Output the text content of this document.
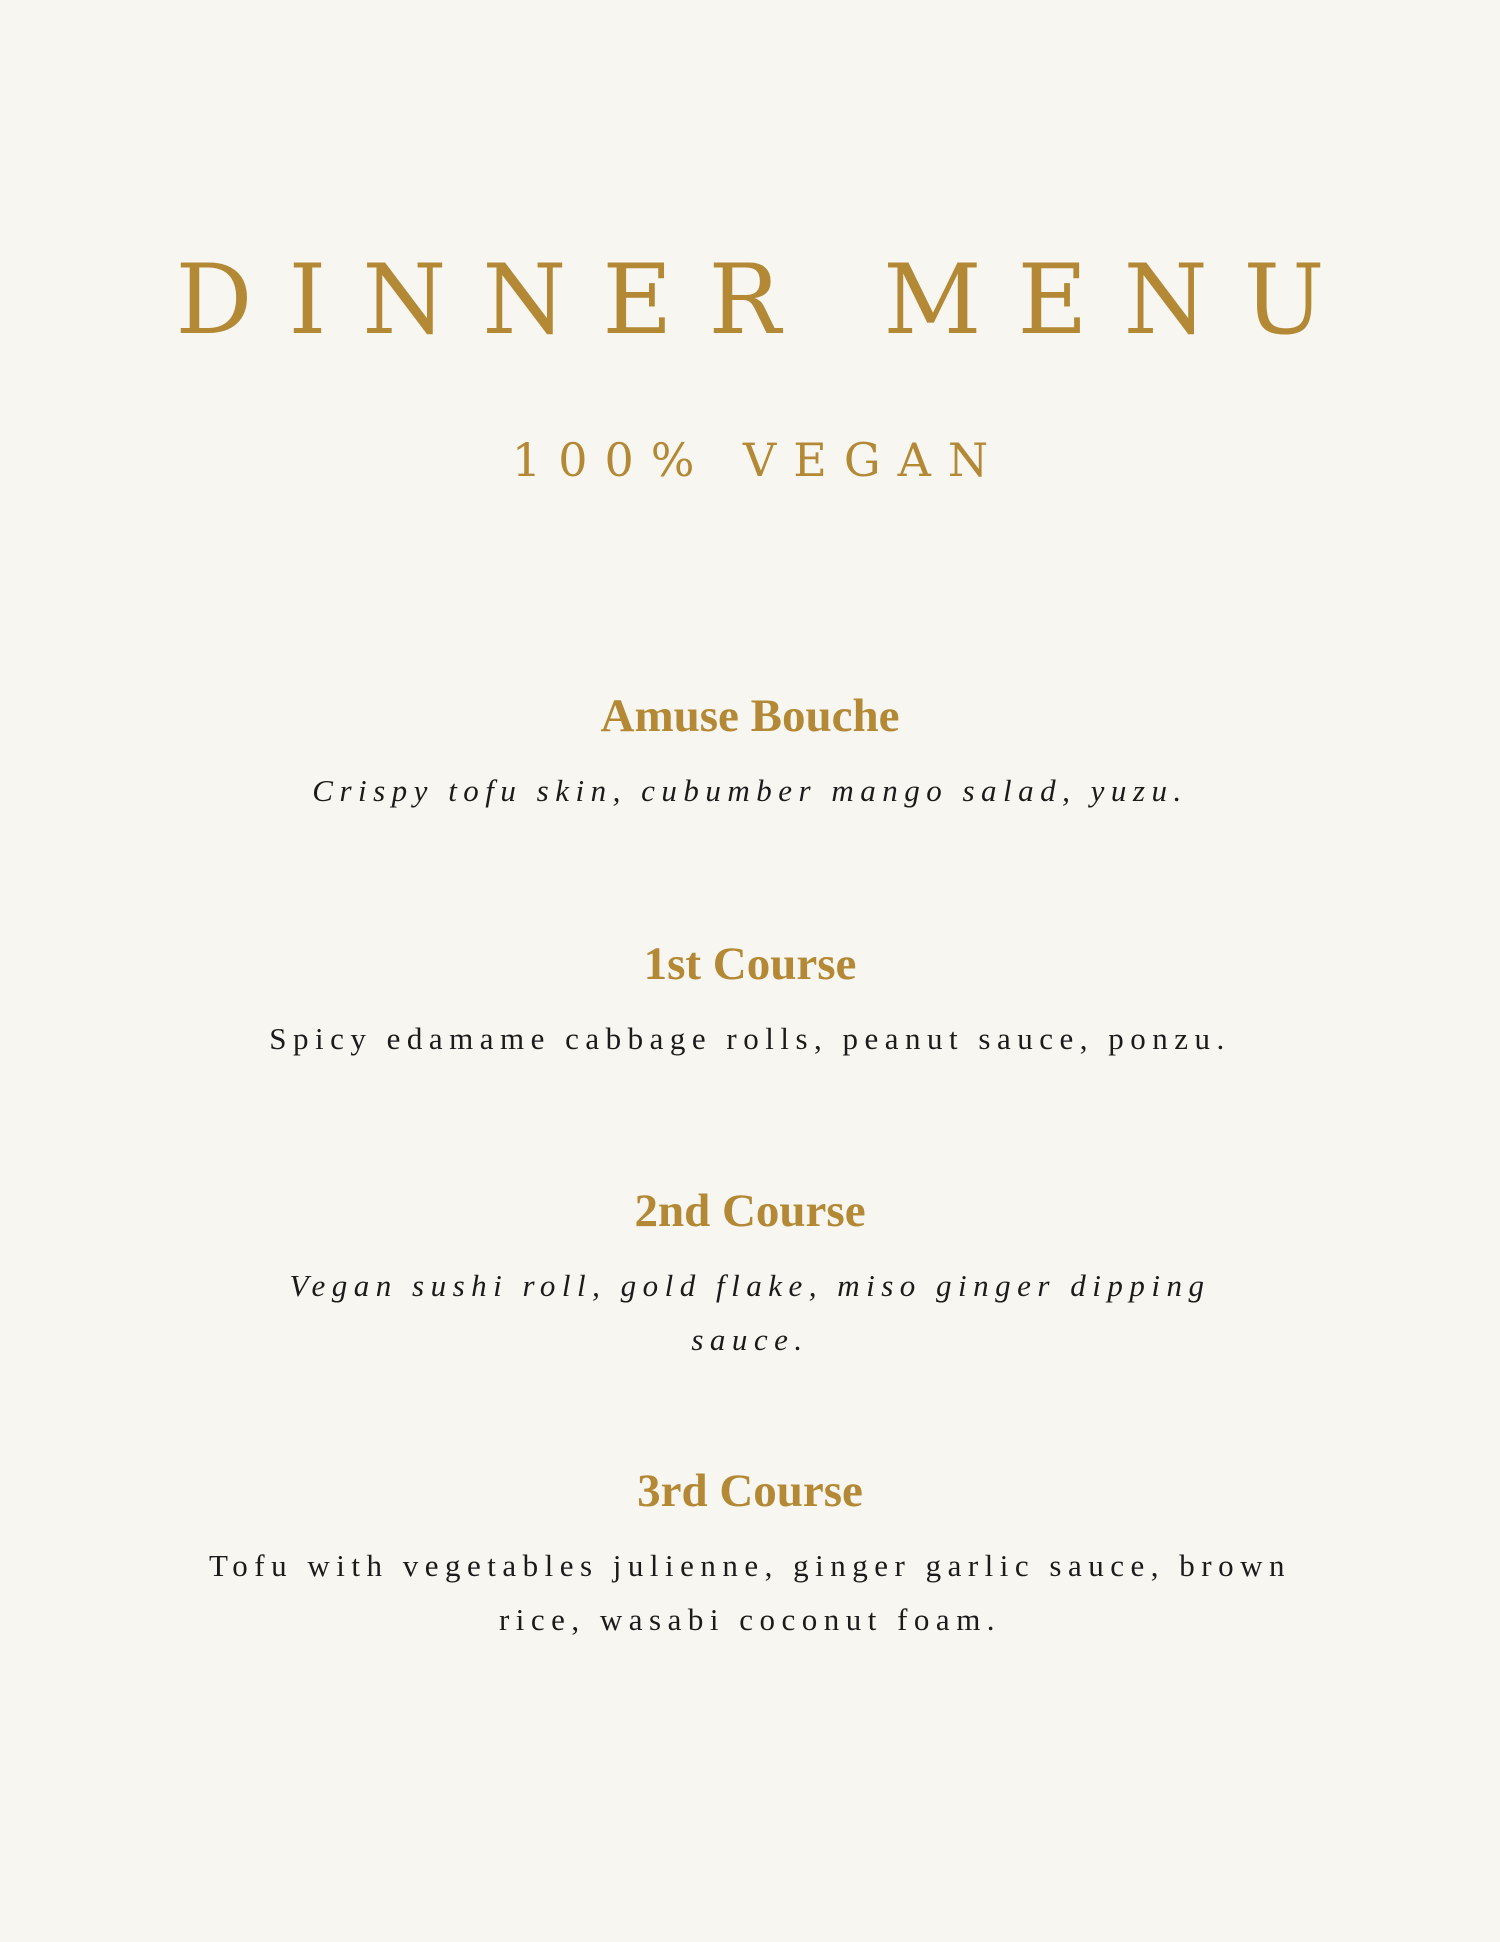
DINNER MENU
100% VEGAN
Amuse Bouche

Crispy tofu skin, cubumber mango salad, yuzu.

1st Course

Spicy edamame cabbage rolls, peanut sauce, ponzu.

2nd Course

Vegan sushi roll, gold flake, miso ginger dipping sauce.

3rd Course

Tofu with vegetables julienne, ginger garlic sauce, brown rice, wasabi coconut foam.
